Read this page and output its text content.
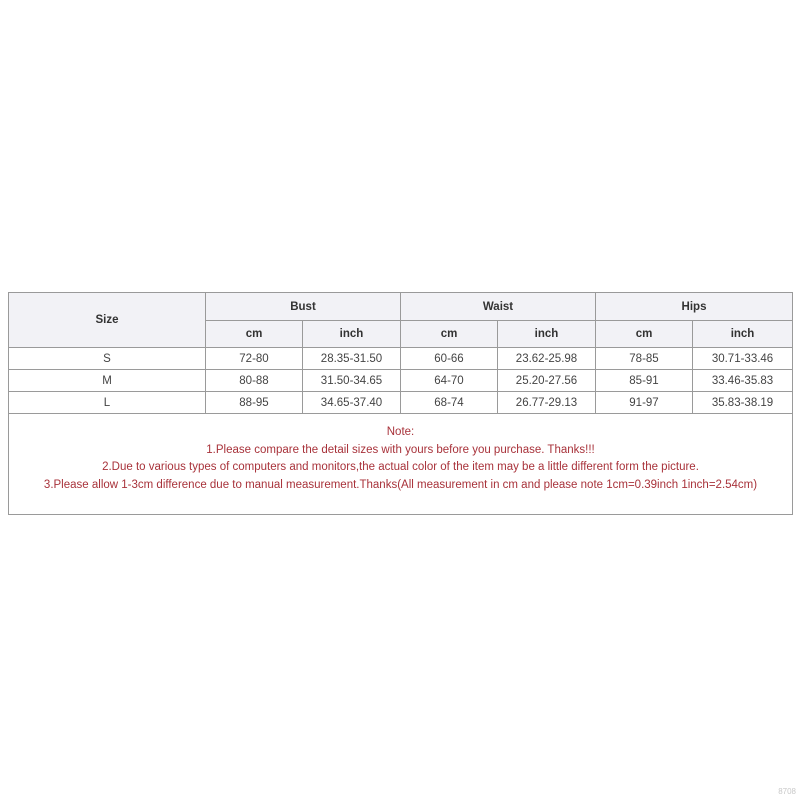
Size	Bust		Waist		Hips	
	cm	inch	cm	inch	cm	inch
S	72-80	28.35-31.50	60-66	23.62-25.98	78-85	30.71-33.46
M	80-88	31.50-34.65	64-70	25.20-27.56	85-91	33.46-35.83
L	88-95	34.65-37.40	68-74	26.77-29.13	91-97	35.83-38.19

Note:
1.Please compare the detail sizes with yours before you purchase. Thanks!!!
2.Due to various types of computers and monitors,the actual color of the item may be a little different form the picture.
3.Please allow 1-3cm difference due to manual measurement.Thanks(All measurement in cm and please note 1cm=0.39inch 1inch=2.54cm)						
8708
